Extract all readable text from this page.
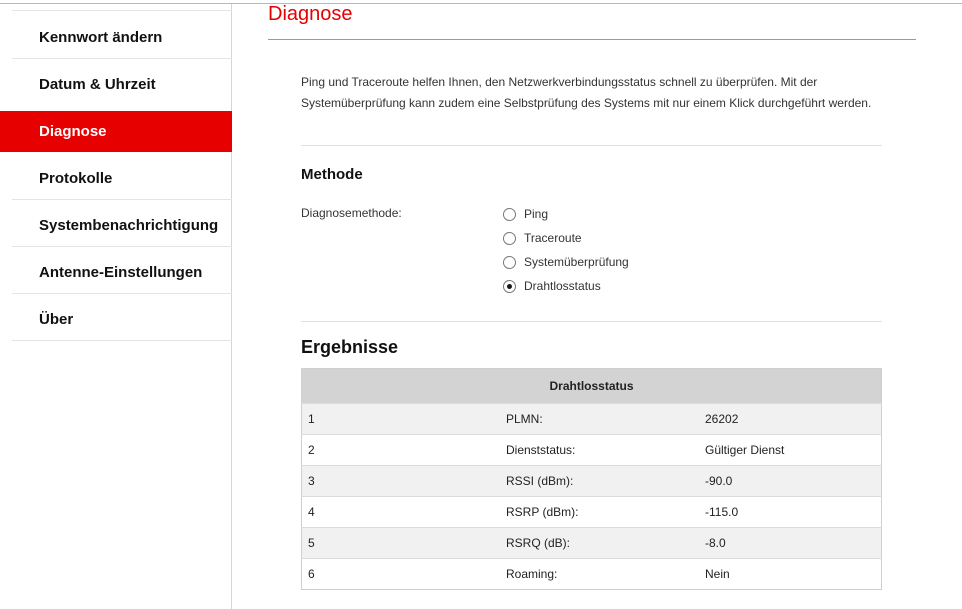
Kennwort ändern
Datum & Uhrzeit
Diagnose
Protokolle
Systembenachrichtigung
Antenne-Einstellungen
Über
Diagnose
Ping und Traceroute helfen Ihnen, den Netzwerkverbindungsstatus schnell zu überprüfen. Mit der
Systemüberprüfung kann zudem eine Selbstprüfung des Systems mit nur einem Klick durchgeführt werden.
Methode
Diagnosemethode:	Ping
Traceroute
Systemüberprüfung
Drahtlosstatus
Ergebnisse
Drahtlosstatus		
1	PLMN:	26202
2	Dienststatus:	Gültiger Dienst
3	RSSI (dBm):	-90.0
4	RSRP (dBm):	-115.0
5	RSRQ (dB):	-8.0
6	Roaming:	Nein
